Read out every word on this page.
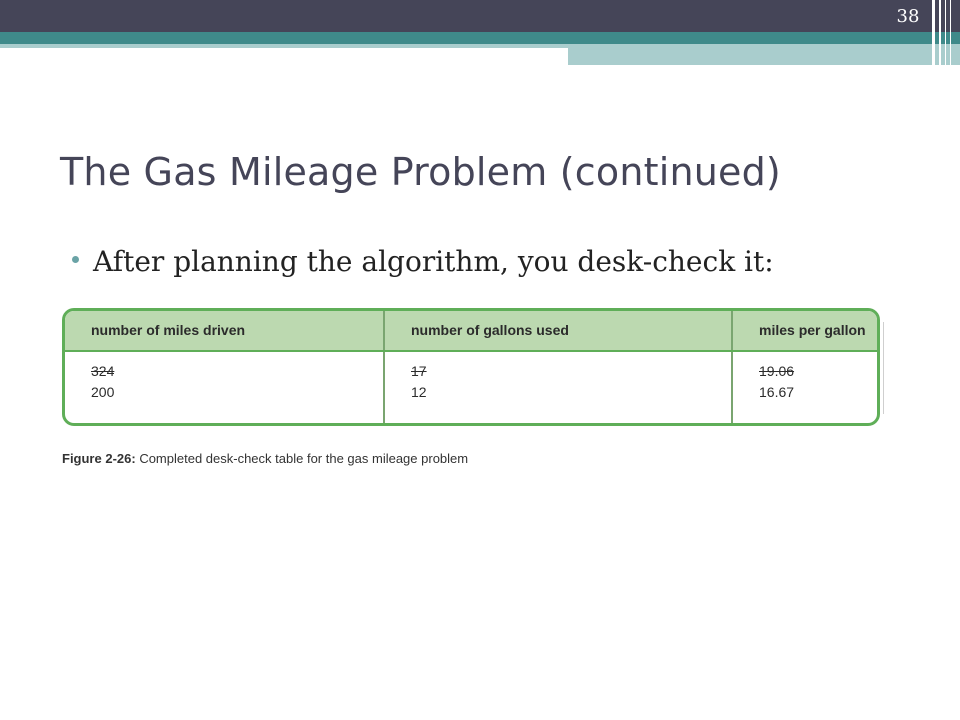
38
The Gas Mileage Problem (continued)
After planning the algorithm, you desk-check it:
number of miles driven	number of gallons used	miles per gallon
324
200
17
12
19.06
16.67
Figure 2-26: Completed desk-check table for the gas mileage problem
